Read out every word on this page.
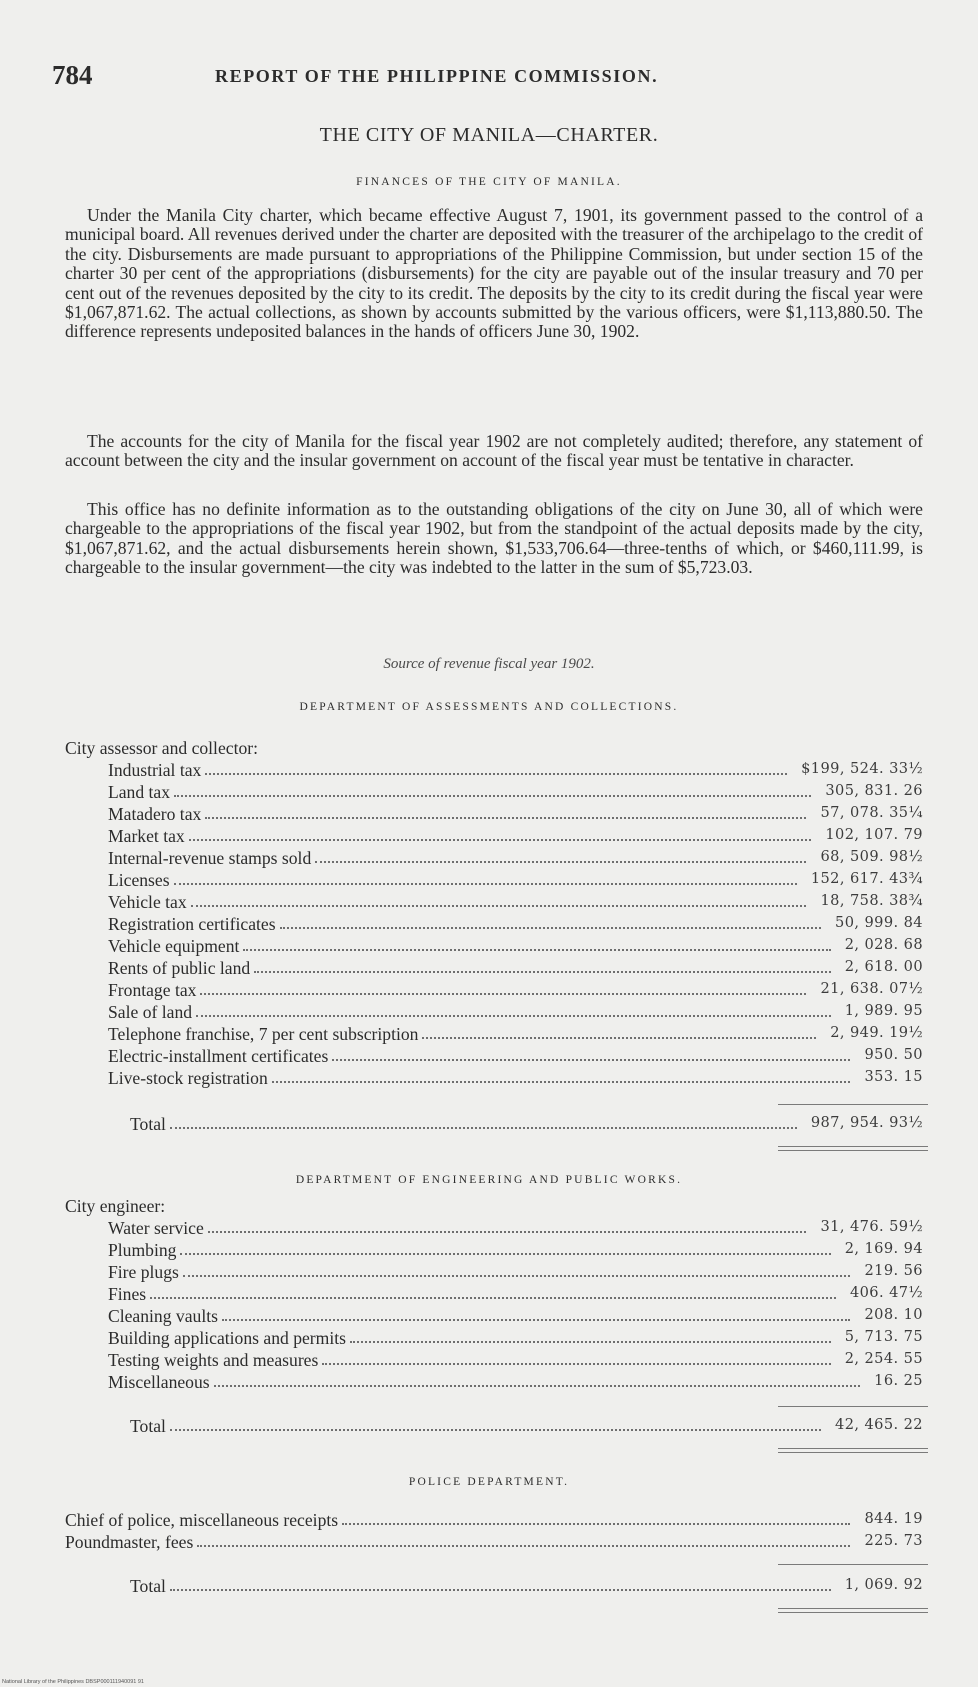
784	REPORT OF THE PHILIPPINE COMMISSION.
THE CITY OF MANILA—CHARTER.
FINANCES OF THE CITY OF MANILA.

Under the Manila City charter, which became effective August 7, 1901, its government passed to the control of a municipal board. All revenues derived under the charter are deposited with the treasurer of the archipelago to the credit of the city. Disbursements are made pursuant to appropriations of the Philippine Commission, but under section 15 of the charter 30 per cent of the appropriations (disbursements) for the city are payable out of the insular treasury and 70 per cent out of the revenues deposited by the city to its credit. The deposits by the city to its credit during the fiscal year were $1,067,871.62. The actual collections, as shown by accounts submitted by the various officers, were $1,113,880.50. The difference represents undeposited balances in the hands of officers June 30, 1902.

The accounts for the city of Manila for the fiscal year 1902 are not completely audited; therefore, any statement of account between the city and the insular government on account of the fiscal year must be tentative in character.

This office has no definite information as to the outstanding obligations of the city on June 30, all of which were chargeable to the appropriations of the fiscal year 1902, but from the standpoint of the actual deposits made by the city, $1,067,871.62, and the actual disbursements herein shown, $1,533,706.64—three-tenths of which, or $460,111.99, is chargeable to the insular government—the city was indebted to the latter in the sum of $5,723.03.

Source of revenue fiscal year 1902.
DEPARTMENT OF ASSESSMENTS AND COLLECTIONS.
City assessor and collector:
Industrial tax	$199, 524. 33½
Land tax	305, 831. 26
Matadero tax	57, 078. 35¼
Market tax	102, 107. 79
Internal-revenue stamps sold	68, 509. 98½
Licenses	152, 617. 43¾
Vehicle tax	18, 758. 38¾
Registration certificates	50, 999. 84
Vehicle equipment	2, 028. 68
Rents of public land	2, 618. 00
Frontage tax	21, 638. 07½
Sale of land	1, 989. 95
Telephone franchise, 7 per cent subscription	2, 949. 19½
Electric-installment certificates	950. 50
Live-stock registration	353. 15
Total	987, 954. 93½
DEPARTMENT OF ENGINEERING AND PUBLIC WORKS.
City engineer:
Water service	31, 476. 59½
Plumbing	2, 169. 94
Fire plugs	219. 56
Fines	406. 47½
Cleaning vaults	208. 10
Building applications and permits	5, 713. 75
Testing weights and measures	2, 254. 55
Miscellaneous	16. 25
Total	42, 465. 22
POLICE DEPARTMENT.
Chief of police, miscellaneous receipts	844. 19
Poundmaster, fees	225. 73
Total	1, 069. 92
National Library of the Philippines DBSP000111940091 91
